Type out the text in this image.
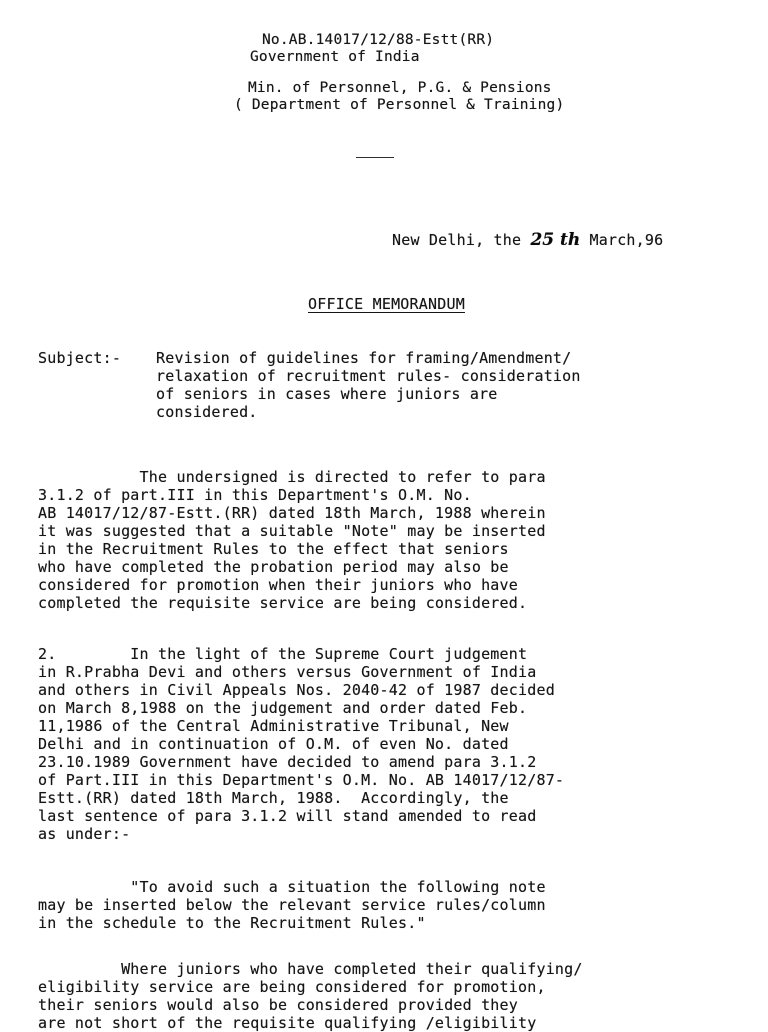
No.AB.14017/12/88-Estt(RR)
Government of India
Min. of Personnel, P.G. & Pensions
( Department of Personnel & Training)
New Delhi, the 25 th March,96
OFFICE MEMORANDUM
Subject:- Revision of guidelines for framing/Amendment/
relaxation of recruitment rules- consideration
of seniors in cases where juniors are
considered.
The undersigned is directed to refer to para
3.1.2 of part.III in this Department's O.M. No.
AB 14017/12/87-Estt.(RR) dated 18th March, 1988 wherein
it was suggested that a suitable "Note" may be inserted
in the Recruitment Rules to the effect that seniors
who have completed the probation period may also be
considered for promotion when their juniors who have
completed the requisite service are being considered.
2.        In the light of the Supreme Court judgement
in R.Prabha Devi and others versus Government of India
and others in Civil Appeals Nos. 2040-42 of 1987 decided
on March 8,1988 on the judgement and order dated Feb.
11,1986 of the Central Administrative Tribunal, New
Delhi and in continuation of O.M. of even No. dated
23.10.1989 Government have decided to amend para 3.1.2
of Part.III in this Department's O.M. No. AB 14017/12/87-
Estt.(RR) dated 18th March, 1988.  Accordingly, the
last sentence of para 3.1.2 will stand amended to read
as under:-
"To avoid such a situation the following note
may be inserted below the relevant service rules/column
in the schedule to the Recruitment Rules."
Where juniors who have completed their qualifying/
eligibility service are being considered for promotion,
their seniors would also be considered provided they
are not short of the requisite qualifying /eligibility
